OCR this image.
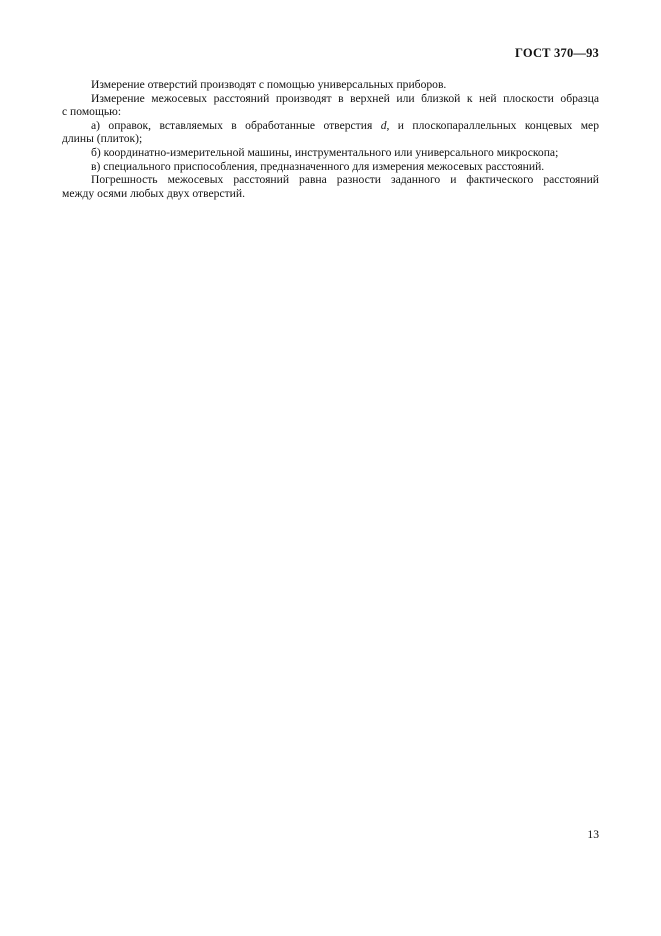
ГОСТ 370—93
Измерение отверстий производят с помощью универсальных приборов.
Измерение межосевых расстояний производят в верхней или близкой к ней плоскости образца
с помощью:
а) оправок, вставляемых в обработанные отверстия d, и плоскопараллельных концевых мер
длины (плиток);
б) координатно-измерительной машины, инструментального или универсального микроскопа;
в) специального приспособления, предназначенного для измерения межосевых расстояний.
Погрешность межосевых расстояний равна разности заданного и фактического расстояний
между осями любых двух отверстий.
13
